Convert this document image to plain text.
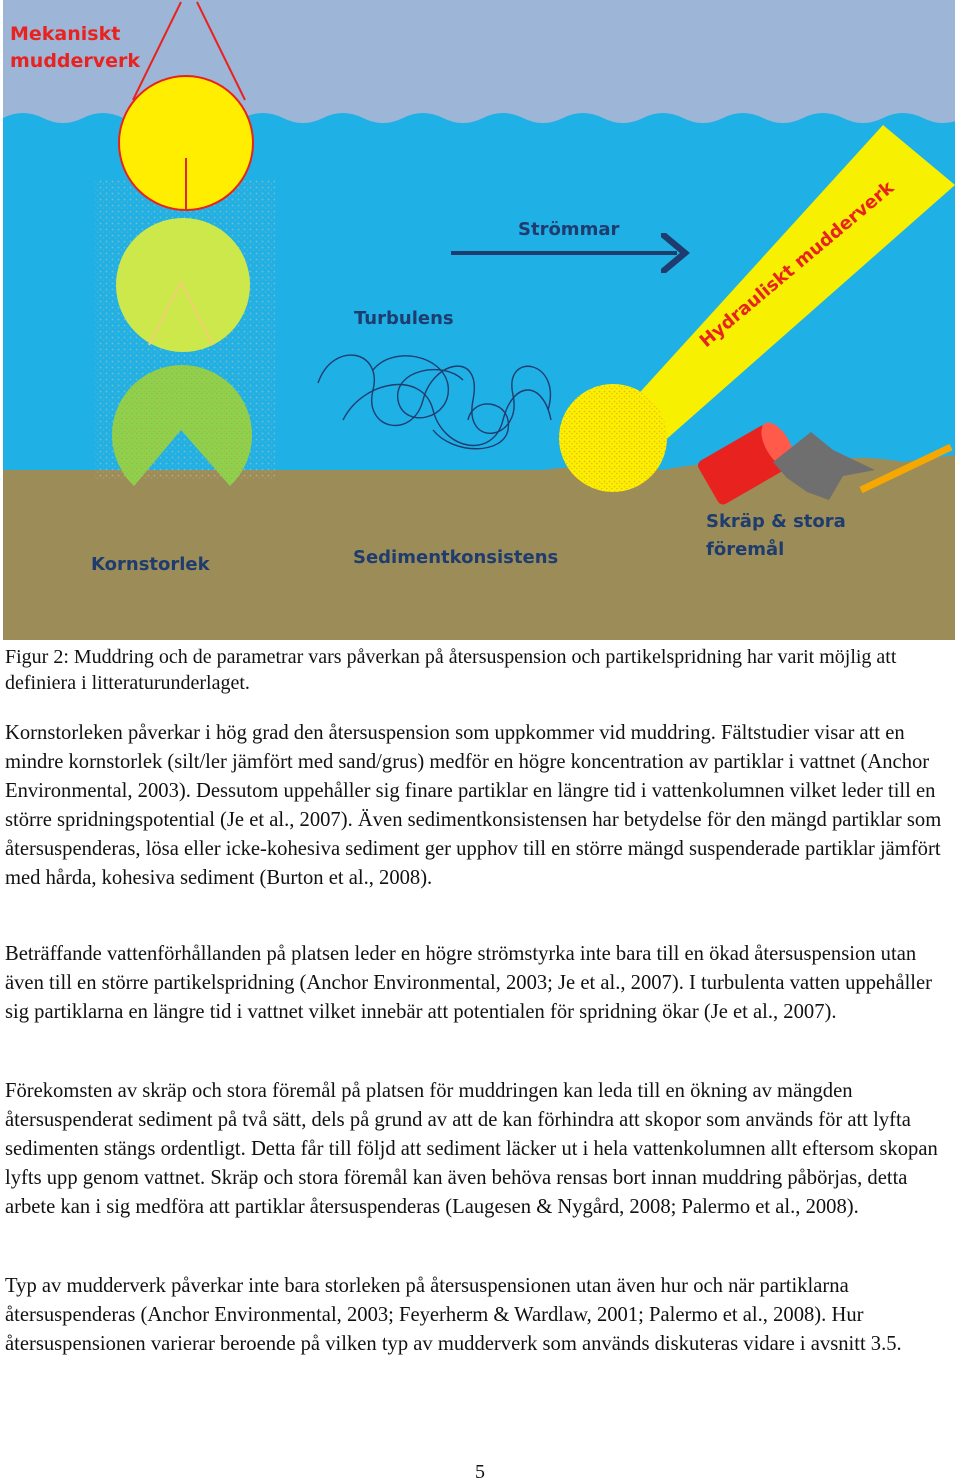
Mekaniskt
mudderverk
Strömmar
Turbulens	Hydrauliskt mudderverk
Skräp & stora
föremål
Kornstorlek	Sedimentkonsistens

Figur 2: Muddring och de parametrar vars påverkan på återsuspension och partikelspridning har varit möjlig att definiera i litteraturunderlaget.

Kornstorleken påverkar i hög grad den återsuspension som uppkommer vid muddring. Fältstudier visar att en mindre kornstorlek (silt/ler jämfört med sand/grus) medför en högre koncentration av partiklar i vattnet (Anchor Environmental, 2003). Dessutom uppehåller sig finare partiklar en längre tid i vattenkolumnen vilket leder till en större spridningspotential (Je et al., 2007). Även sedimentkonsistensen har betydelse för den mängd partiklar som återsuspenderas, lösa eller icke-kohesiva sediment ger upphov till en större mängd suspenderade partiklar jämfört med hårda, kohesiva sediment (Burton et al., 2008).

Beträffande vattenförhållanden på platsen leder en högre strömstyrka inte bara till en ökad återsuspension utan även till en större partikelspridning (Anchor Environmental, 2003; Je et al., 2007). I turbulenta vatten uppehåller sig partiklarna en längre tid i vattnet vilket innebär att potentialen för spridning ökar (Je et al., 2007).

Förekomsten av skräp och stora föremål på platsen för muddringen kan leda till en ökning av mängden återsuspenderat sediment på två sätt, dels på grund av att de kan förhindra att skopor som används för att lyfta sedimenten stängs ordentligt. Detta får till följd att sediment läcker ut i hela vattenkolumnen allt eftersom skopan lyfts upp genom vattnet. Skräp och stora föremål kan även behöva rensas bort innan muddring påbörjas, detta arbete kan i sig medföra att partiklar återsuspenderas (Laugesen & Nygård, 2008; Palermo et al., 2008).

Typ av mudderverk påverkar inte bara storleken på återsuspensionen utan även hur och när partiklarna återsuspenderas (Anchor Environmental, 2003; Feyerherm & Wardlaw, 2001; Palermo et al., 2008). Hur återsuspensionen varierar beroende på vilken typ av mudderverk som används diskuteras vidare i avsnitt 3.5.

5
